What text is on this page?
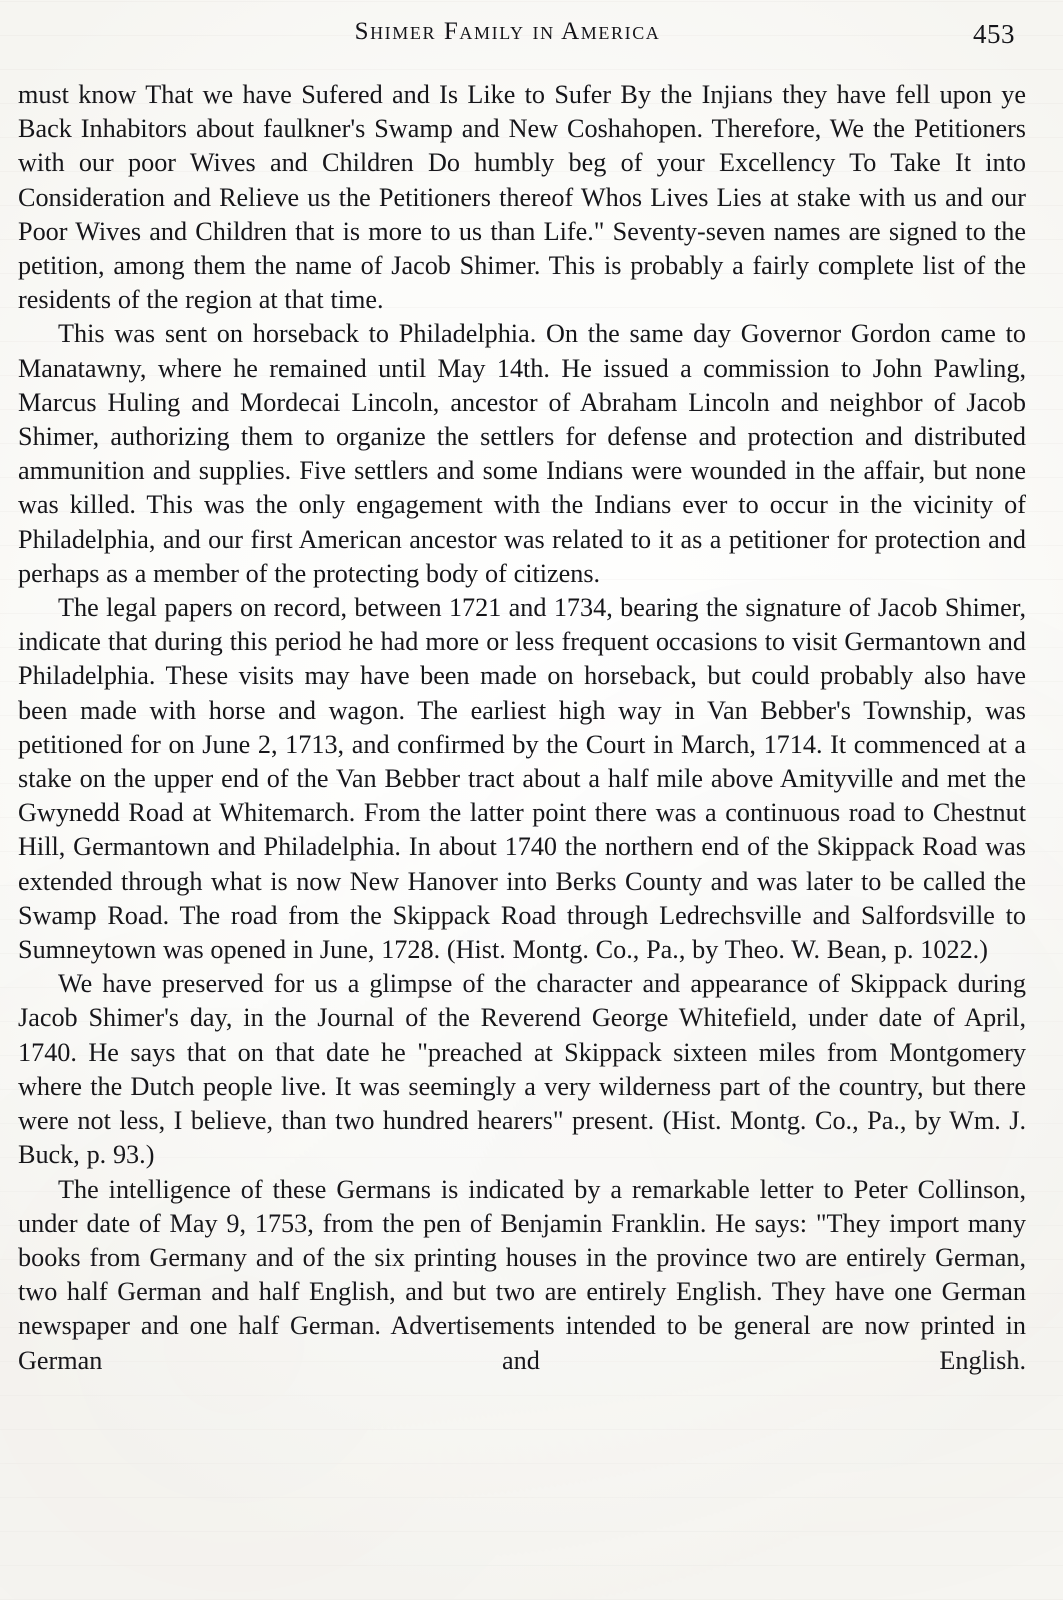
Shimer Family in America	453

must know That we have Sufered and Is Like to Sufer By the Injians they have fell upon ye Back Inhabitors about faulkner's Swamp and New Coshahopen. Therefore, We the Petitioners with our poor Wives and Children Do humbly beg of your Excellency To Take It into Consideration and Relieve us the Petitioners thereof Whos Lives Lies at stake with us and our Poor Wives and Children that is more to us than Life." Seventy-seven names are signed to the petition, among them the name of Jacob Shimer. This is probably a fairly complete list of the residents of the region at that time.

This was sent on horseback to Philadelphia. On the same day Governor Gordon came to Manatawny, where he remained until May 14th. He issued a commission to John Pawling, Marcus Huling and Mordecai Lincoln, ancestor of Abraham Lincoln and neighbor of Jacob Shimer, authorizing them to organize the settlers for defense and protection and distributed ammunition and supplies. Five settlers and some Indians were wounded in the affair, but none was killed. This was the only engagement with the Indians ever to occur in the vicinity of Philadelphia, and our first American ancestor was related to it as a petitioner for protection and perhaps as a member of the protecting body of citizens.

The legal papers on record, between 1721 and 1734, bearing the signature of Jacob Shimer, indicate that during this period he had more or less frequent occasions to visit Germantown and Philadelphia. These visits may have been made on horseback, but could probably also have been made with horse and wagon. The earliest high way in Van Bebber's Township, was petitioned for on June 2, 1713, and confirmed by the Court in March, 1714. It commenced at a stake on the upper end of the Van Bebber tract about a half mile above Amityville and met the Gwynedd Road at Whitemarch. From the latter point there was a continuous road to Chestnut Hill, Germantown and Philadelphia. In about 1740 the northern end of the Skippack Road was extended through what is now New Hanover into Berks County and was later to be called the Swamp Road. The road from the Skippack Road through Ledrechsville and Salfordsville to Sumneytown was opened in June, 1728. (Hist. Montg. Co., Pa., by Theo. W. Bean, p. 1022.)

We have preserved for us a glimpse of the character and appearance of Skippack during Jacob Shimer's day, in the Journal of the Reverend George Whitefield, under date of April, 1740. He says that on that date he "preached at Skippack sixteen miles from Montgomery where the Dutch people live. It was seemingly a very wilderness part of the country, but there were not less, I believe, than two hundred hearers" present. (Hist. Montg. Co., Pa., by Wm. J. Buck, p. 93.)

The intelligence of these Germans is indicated by a remarkable letter to Peter Collinson, under date of May 9, 1753, from the pen of Benjamin Franklin. He says: "They import many books from Germany and of the six printing houses in the province two are entirely German, two half German and half English, and but two are entirely English. They have one German newspaper and one half German. Advertisements intended to be general are now printed in German and English.
